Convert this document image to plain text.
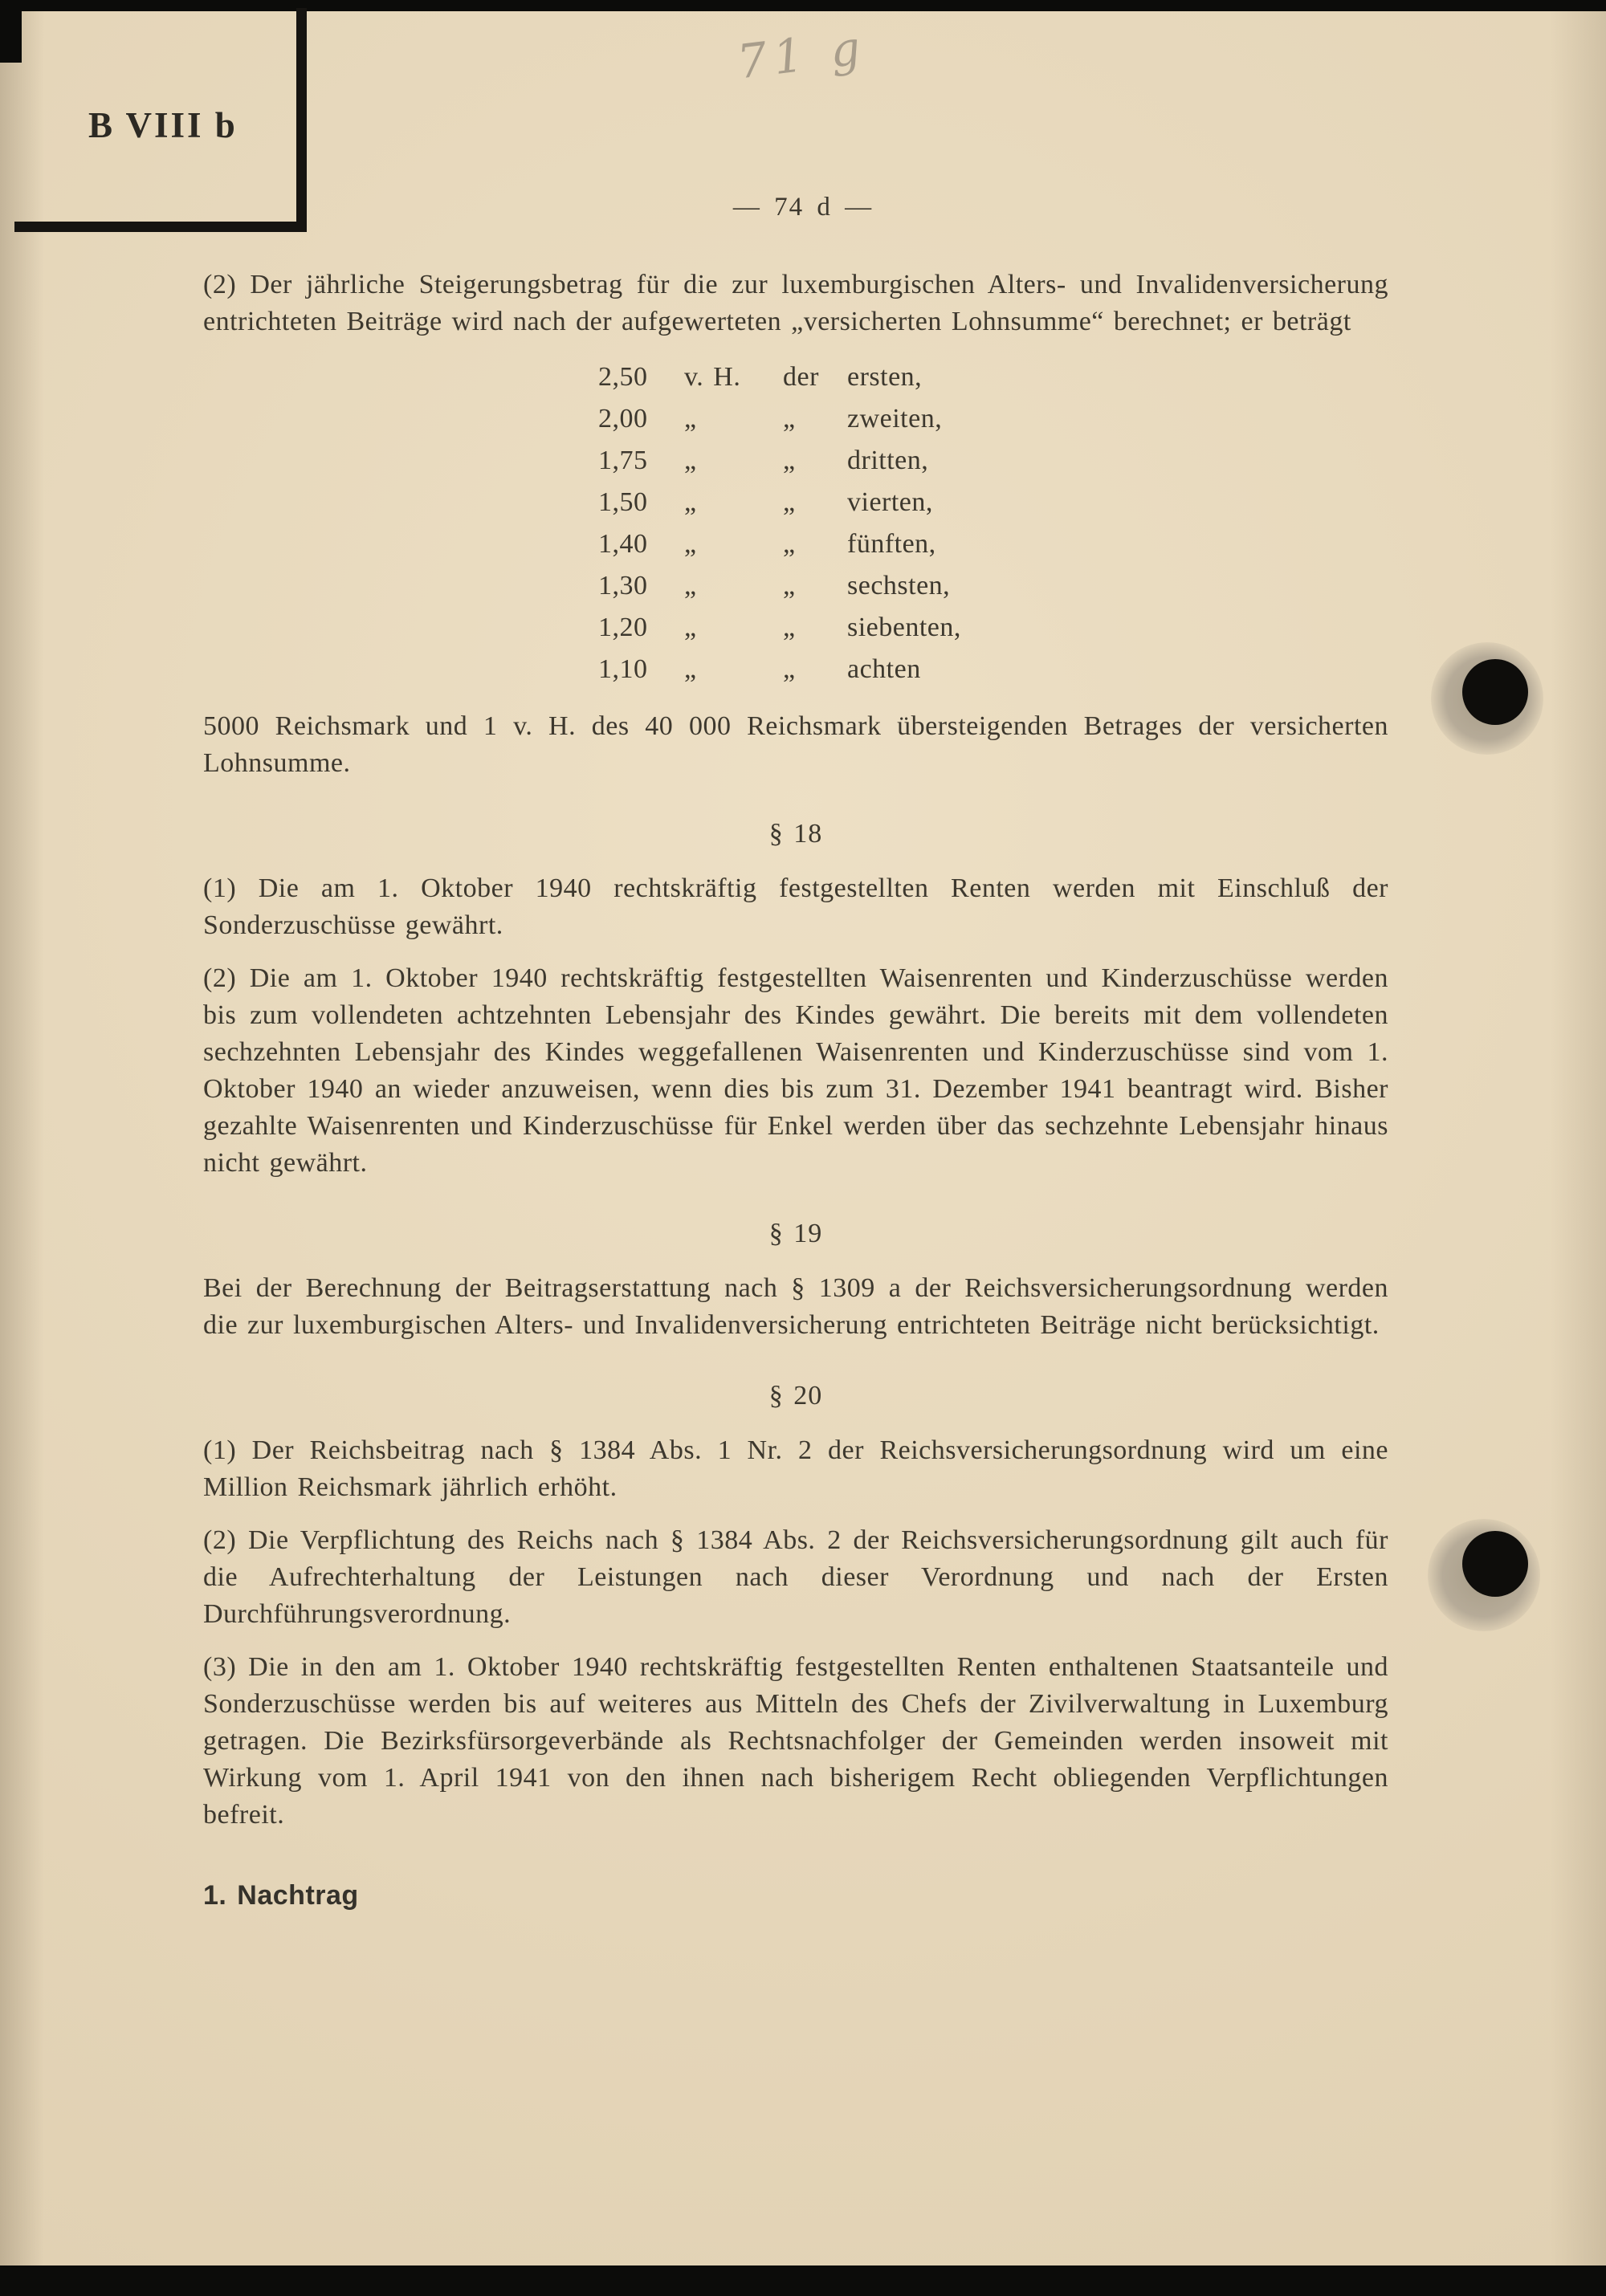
B VIII b
71 g
— 74 d —

(2) Der jährliche Steigerungsbetrag für die zur luxemburgischen Alters- und Invalidenversicherung entrichteten Beiträge wird nach der aufgewerteten „versicherten Lohnsumme“ berechnet; er beträgt

2,50	v. H.	der	ersten,
2,00	„	„	zweiten,
1,75	„	„	dritten,
1,50	„	„	vierten,
1,40	„	„	fünften,
1,30	„	„	sechsten,
1,20	„	„	siebenten,
1,10	„	„	achten

5000 Reichsmark und 1 v. H. des 40 000 Reichsmark übersteigenden Betrages der versicherten Lohnsumme.

§ 18

(1) Die am 1. Oktober 1940 rechtskräftig festgestellten Renten werden mit Einschluß der Sonderzuschüsse gewährt.

(2) Die am 1. Oktober 1940 rechtskräftig festgestellten Waisenrenten und Kinderzuschüsse werden bis zum vollendeten achtzehnten Lebensjahr des Kindes gewährt. Die bereits mit dem vollendeten sechzehnten Lebensjahr des Kindes weggefallenen Waisenrenten und Kinderzuschüsse sind vom 1. Oktober 1940 an wieder anzuweisen, wenn dies bis zum 31. Dezember 1941 beantragt wird. Bisher gezahlte Waisenrenten und Kinderzuschüsse für Enkel werden über das sechzehnte Lebensjahr hinaus nicht gewährt.

§ 19

Bei der Berechnung der Beitragserstattung nach § 1309 a der Reichsversicherungsordnung werden die zur luxemburgischen Alters- und Invalidenversicherung entrichteten Beiträge nicht berücksichtigt.

§ 20

(1) Der Reichsbeitrag nach § 1384 Abs. 1 Nr. 2 der Reichsversicherungsordnung wird um eine Million Reichsmark jährlich erhöht.

(2) Die Verpflichtung des Reichs nach § 1384 Abs. 2 der Reichsversicherungsordnung gilt auch für die Aufrechterhaltung der Leistungen nach dieser Verordnung und nach der Ersten Durchführungsverordnung.

(3) Die in den am 1. Oktober 1940 rechtskräftig festgestellten Renten enthaltenen Staatsanteile und Sonderzuschüsse werden bis auf weiteres aus Mitteln des Chefs der Zivilverwaltung in Luxemburg getragen. Die Bezirksfürsorgeverbände als Rechtsnachfolger der Gemeinden werden insoweit mit Wirkung vom 1. April 1941 von den ihnen nach bisherigem Recht obliegenden Verpflichtungen befreit.

1. Nachtrag
